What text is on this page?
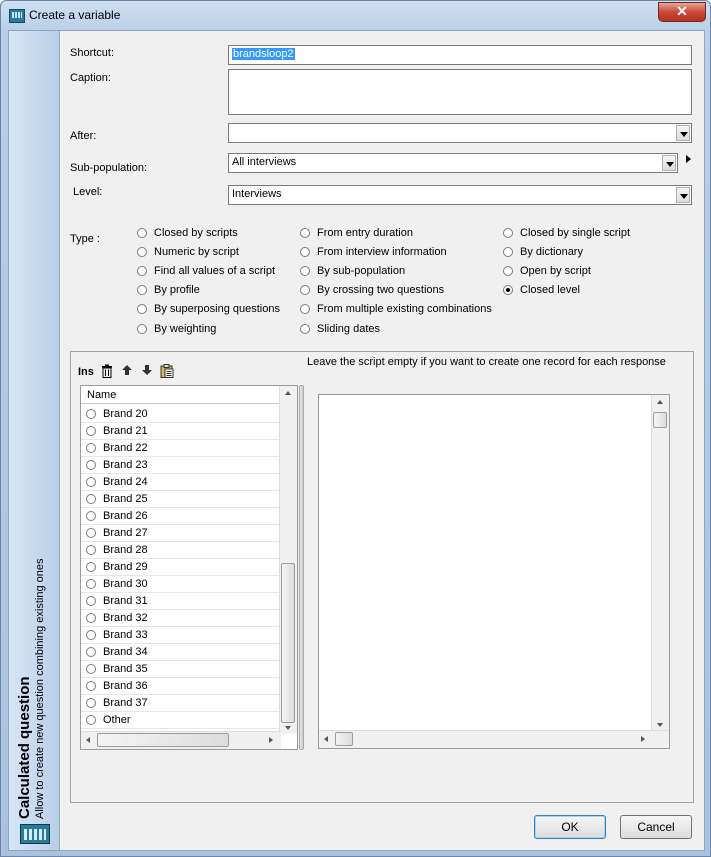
Create a variable	✕
Calculated question Allow to create new question combining existing ones
Shortcut:	brandsloop2
Caption:
After:
Sub-population:	All interviews
Level:	Interviews
Type :	Closed by scripts
Numeric by script
Find all values of a script
By profile
By superposing questions
By weighting
From entry duration
From interview information
By sub-population
By crossing two questions
From multiple existing combinations
Sliding dates
Closed by single script
By dictionary
Open by script
Closed level
Ins
Name
Brand 20
Brand 21
Brand 22
Brand 23
Brand 24
Brand 25
Brand 26
Brand 27
Brand 28
Brand 29
Brand 30
Brand 31
Brand 32
Brand 33
Brand 34
Brand 35
Brand 36
Brand 37
Other
Leave the script empty if you want to create one record for each response
OK	Cancel
